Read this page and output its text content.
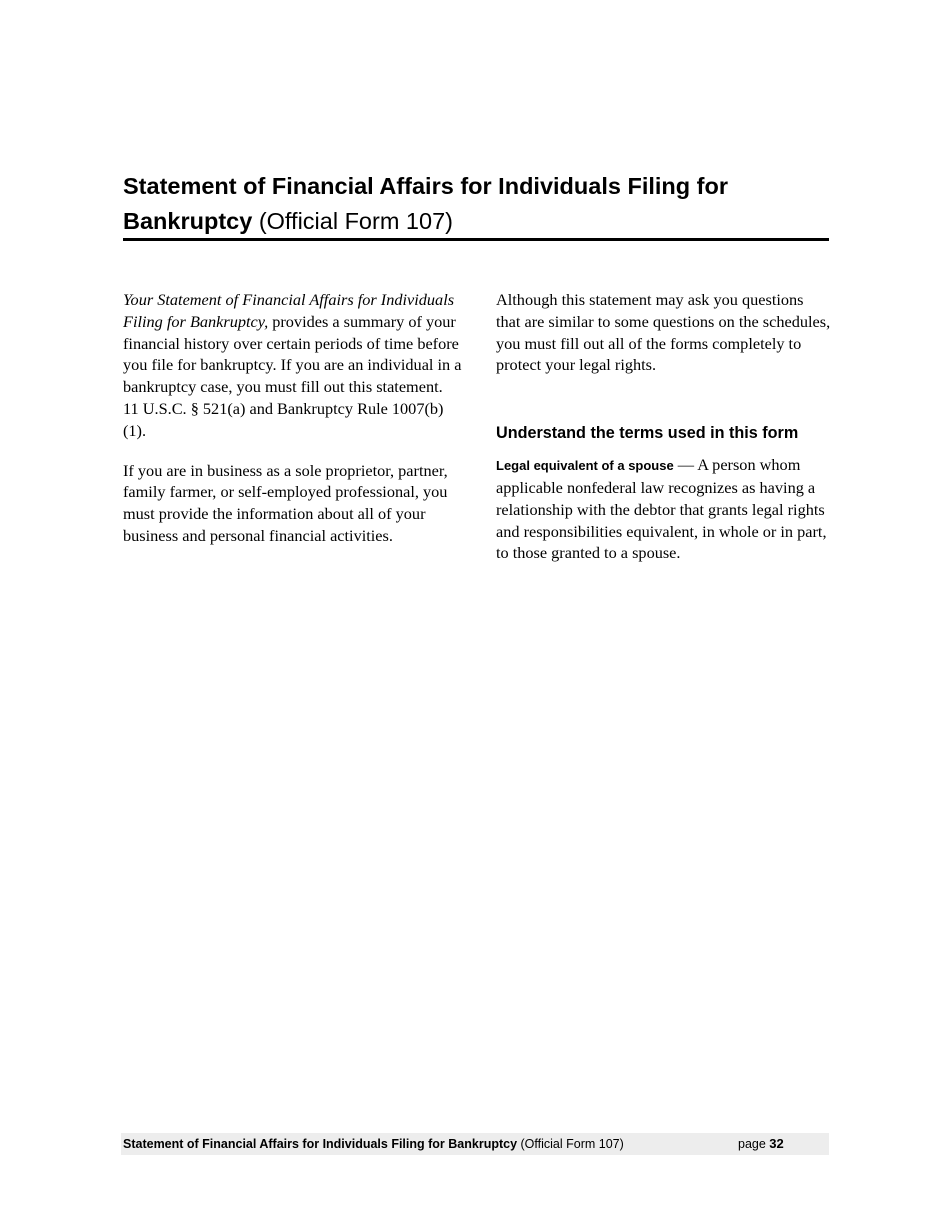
Statement of Financial Affairs for Individuals Filing for Bankruptcy (Official Form 107)

Your Statement of Financial Affairs for Individuals Filing for Bankruptcy, provides a summary of your financial history over certain periods of time before you file for bankruptcy. If you are an individual in a bankruptcy case, you must fill out this statement.

11 U.S.C. § 521(a) and Bankruptcy Rule 1007(b)(1).

If you are in business as a sole proprietor, partner, family farmer, or self-employed professional, you must provide the information about all of your business and personal financial activities.

Although this statement may ask you questions that are similar to some questions on the schedules, you must fill out all of the forms completely to protect your legal rights.

Understand the terms used in this form

Legal equivalent of a spouse — A person whom applicable nonfederal law recognizes as having a relationship with the debtor that grants legal rights and responsibilities equivalent, in whole or in part, to those granted to a spouse.

Statement of Financial Affairs for Individuals Filing for Bankruptcy (Official Form 107)	page 32
